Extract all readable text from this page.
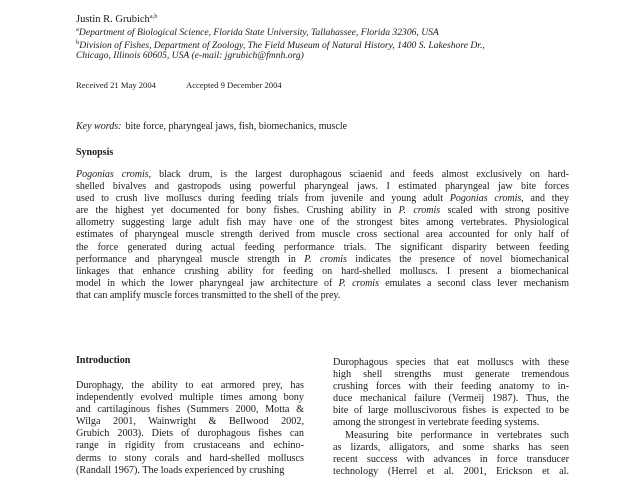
Justin R. Grubich$^{a,b}$
$^a$Department of Biological Science, Florida State University, Tallahassee, Florida 32306, USA
$^b$Division of Fishes, Department of Zoology, The Field Museum of Natural History, 1400 S. Lakeshore Dr.,
Chicago, Illinois 60605, USA (e-mail: jgrubich@fmnh.org)
Received 21 May 2004	Accepted 9 December 2004
Key words: bite force, pharyngeal jaws, fish, biomechanics, muscle
Synopsis
Pogonias cromis, black drum, is the largest durophagous sciaenid and feeds almost exclusively on hard-
shelled bivalves and gastropods using powerful pharyngeal jaws. I estimated pharyngeal jaw bite forces
used to crush live molluscs during feeding trials from juvenile and young adult Pogonias cromis, and they
are the highest yet documented for bony fishes. Crushing ability in P. cromis scaled with strong positive
allometry suggesting large adult fish may have one of the strongest bites among vertebrates. Physiological
estimates of pharyngeal muscle strength derived from muscle cross sectional area accounted for only half of
the force generated during actual feeding performance trials. The significant disparity between feeding
performance and pharyngeal muscle strength in P. cromis indicates the presence of novel biomechanical
linkages that enhance crushing ability for feeding on hard-shelled molluscs. I present a biomechanical
model in which the lower pharyngeal jaw architecture of P. cromis emulates a second class lever mechanism
that can amplify muscle forces transmitted to the shell of the prey.
Introduction
Durophagy, the ability to eat armored prey, has
independently evolved multiple times among bony
and cartilaginous fishes (Summers 2000, Motta &
Wilga 2001, Wainwright & Bellwood 2002,
Grubich 2003). Diets of durophagous fishes can
range in rigidity from crustaceans and echino-
derms to stony corals and hard-shelled molluscs
(Randall 1967). The loads experienced by crushing
Durophagous species that eat molluscs with these
high shell strengths must generate tremendous
crushing forces with their feeding anatomy to in-
duce mechanical failure (Vermeij 1987). Thus, the
bite of large molluscivorous fishes is expected to be
among the strongest in vertebrate feeding systems.
Measuring bite performance in vertebrates such
as lizards, alligators, and some sharks has seen
recent success with advances in force transducer
technology (Herrel et al. 2001, Erickson et al.
